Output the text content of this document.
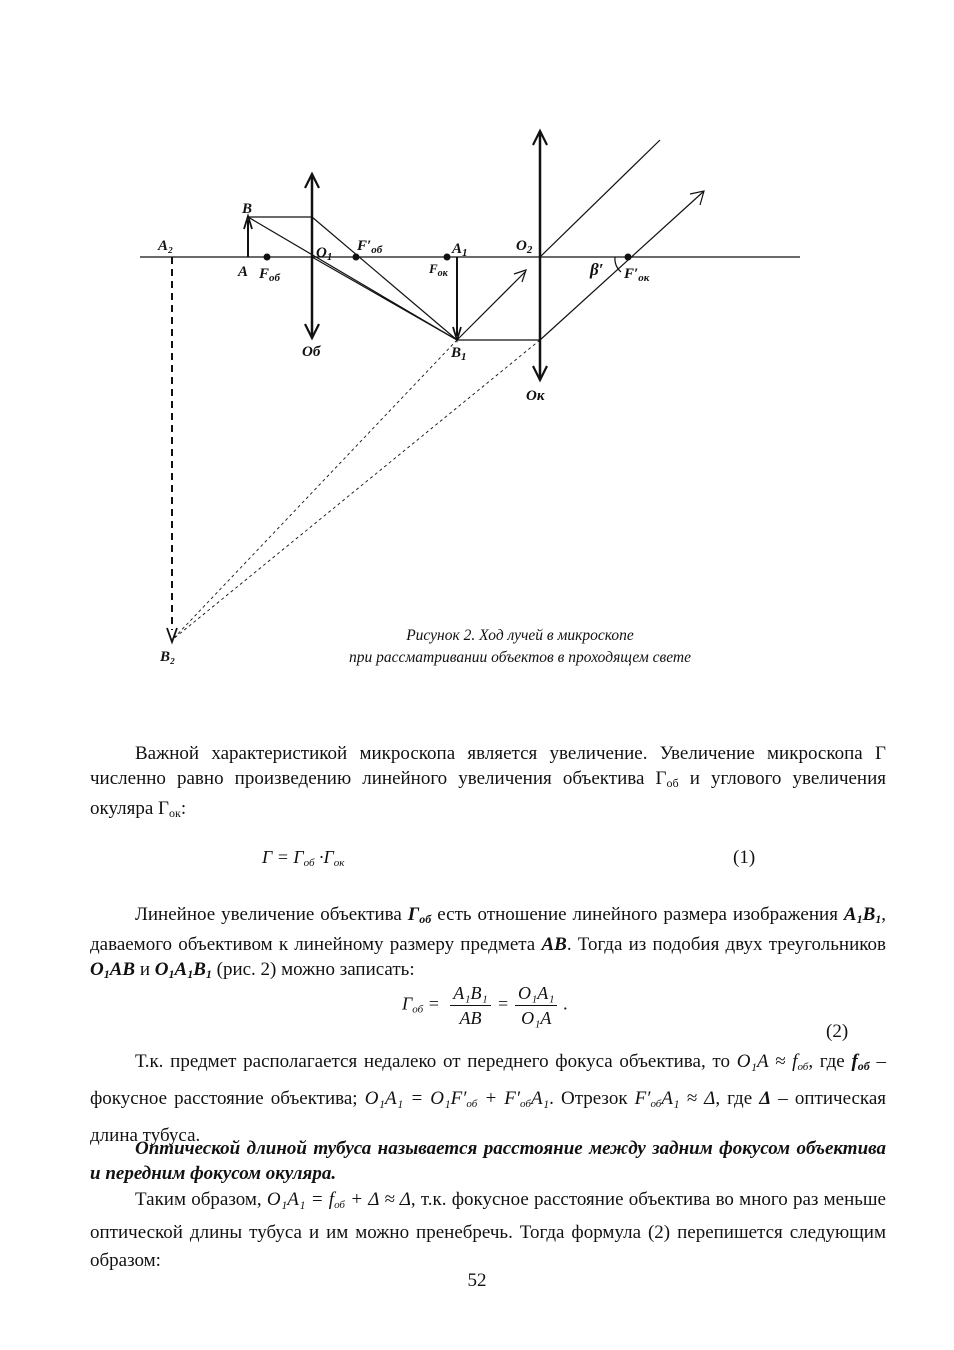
B
A₂
A $F_{об}$
$O_1$
$F'_{об}$	$A_1$
$F_{ок}$
$O_2$
β′ $F'_{ок}$
Об	$B_1$
Ок
B₂
Рисунок 2. Ход лучей в микроскопе
при рассматривании объектов в проходящем свете
Важной характеристикой микроскопа является увеличение. Увеличение микроскопа Г численно равно произведению линейного увеличения объектива $Г_{об}$ и углового увеличения окуляра $Г_{ок}$:
$Г = Г_{об} \cdot Г_{ок}$	(1)
Линейное увеличение объектива $Г_{об}$ есть отношение линейного размера изображения $A_1B_1$, даваемого объективом к линейному размеру предмета AB. Тогда из подобия двух треугольников $O_1AB$ и $O_1A_1B_1$ (рис. 2) можно записать:
$Г_{об} = \frac{\text{A₁B₁}}{AB} = \frac{\text{O₁A₁}}{\text{O₁A}}$ .
(2)
Т.к. предмет располагается недалеко от переднего фокуса объектива, то $O_1A \approx f_{об}$, где $f_{об}$ – фокусное расстояние объектива; $O_1A_1 = O_1F'_{об} + F'_{об}A_1$. Отрезок $F'_{об}A_1 \approx \Delta$, где Δ – оптическая длина тубуса.
Оптической длиной тубуса называется расстояние между задним фокусом объектива и передним фокусом окуляра.
Таким образом, $O_1A_1 = f_{об} + \Delta \approx \Delta$, т.к. фокусное расстояние объектива во много раз меньше оптической длины тубуса и им можно пренебречь. Тогда формула (2) перепишется следующим образом:
52
